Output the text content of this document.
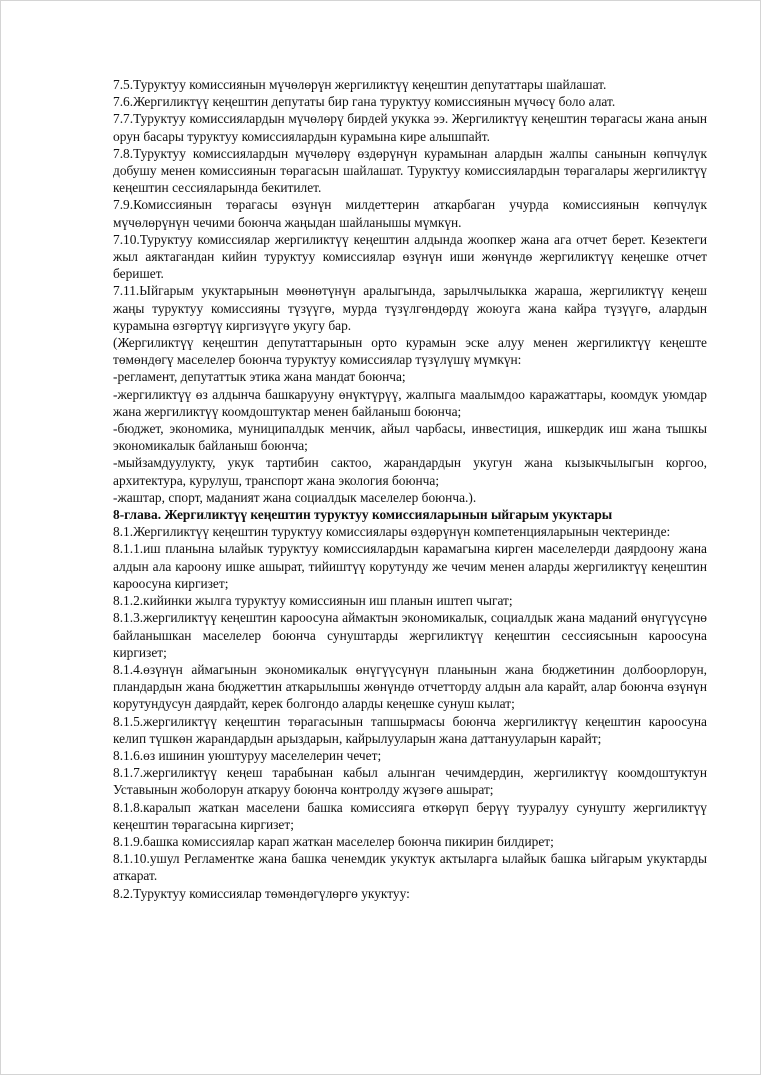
7.5.Туруктуу комиссиянын мүчөлөрүн жергиликтүү кеңештин депутаттары шайлашат.

7.6.Жергиликтүү кеңештин депутаты бир гана туруктуу комиссиянын мүчөсү боло алат.

7.7.Туруктуу комиссиялардын мүчөлөрү бирдей укукка ээ. Жергиликтүү кеңештин төрагасы жана анын орун басары туруктуу комиссиялардын курамына кире алышпайт.

7.8.Туруктуу комиссиялардын мүчөлөрү өздөрүнүн курамынан алардын жалпы санынын көпчүлүк добушу менен комиссиянын төрагасын шайлашат. Туруктуу комиссиялардын төрагалары жергиликтүү кеңештин сессияларында бекитилет.

7.9.Комиссиянын төрагасы өзүнүн милдеттерин аткарбаган учурда комиссиянын көпчүлүк мүчөлөрүнүн чечими боюнча жаңыдан шайланышы мүмкүн.

7.10.Туруктуу комиссиялар жергиликтүү кеңештин алдында жоопкер жана ага отчет берет. Кезектеги жыл аяктагандан кийин туруктуу комиссиялар өзүнүн иши жөнүндө жергиликтүү кеңешке отчет беришет.

7.11.Ыйгарым укуктарынын мөөнөтүнүн аралыгында, зарылчылыкка жараша, жергиликтүү кеңеш жаңы туруктуу комиссияны түзүүгө, мурда түзүлгөндөрдү жоюуга жана кайра түзүүгө, алардын курамына өзгөртүү киргизүүгө укугу бар.

(Жергиликтүү кеңештин депутаттарынын орто курамын эске алуу менен жергиликтүү кеңеште төмөндөгү маселелер боюнча туруктуу комиссиялар түзүлүшү мүмкүн:

-регламент, депутаттык этика жана мандат боюнча;

-жергиликтүү өз алдынча башкарууну өнүктүрүү, жалпыга маалымдоо каражаттары, коомдук уюмдар жана жергиликтүү коомдоштуктар менен байланыш боюнча;

-бюджет, экономика, муниципалдык менчик, айыл чарбасы, инвестиция, ишкердик иш жана тышкы экономикалык байланыш боюнча;

-мыйзамдуулукту, укук тартибин сактоо, жарандардын укугун жана кызыкчылыгын коргоо, архитектура, курулуш, транспорт жана экология боюнча;

-жаштар, спорт, маданият жана социалдык маселелер боюнча.).

8-глава. Жергиликтүү кеңештин туруктуу комиссияларынын ыйгарым укуктары

8.1.Жергиликтүү кеңештин туруктуу комиссиялары өздөрүнүн компетенцияларынын чектеринде:

8.1.1.иш планына ылайык туруктуу комиссиялардын карамагына кирген маселелерди даярдоону жана алдын ала кароону ишке ашырат, тийиштүү корутунду же чечим менен аларды жергиликтүү кеңештин кароосуна киргизет;

8.1.2.кийинки жылга туруктуу комиссиянын иш планын иштеп чыгат;

8.1.3.жергиликтүү кеңештин кароосуна аймактын экономикалык, социалдык жана маданий өнүгүүсүнө байланышкан маселелер боюнча сунуштарды жергиликтүү кеңештин сессиясынын кароосуна киргизет;

8.1.4.өзүнүн аймагынын экономикалык өнүгүүсүнүн планынын жана бюджетинин долбоорлорун, пландардын жана бюджеттин аткарылышы жөнүндө отчетторду алдын ала карайт, алар боюнча өзүнүн корутундусун даярдайт, керек болгондо аларды кеңешке сунуш кылат;

8.1.5.жергиликтүү кеңештин төрагасынын тапшырмасы боюнча жергиликтүү кеңештин кароосуна келип түшкөн жарандардын арыздарын, кайрылууларын жана даттанууларын карайт;

8.1.6.өз ишинин уюштуруу маселелерин чечет;

8.1.7.жергиликтүү кеңеш тарабынан кабыл алынган чечимдердин, жергиликтүү коомдоштуктун Уставынын жоболорун аткаруу боюнча контролду жүзөгө ашырат;

8.1.8.каралып жаткан маселени башка комиссияга өткөрүп берүү тууралуу сунушту жергиликтүү кеңештин төрагасына киргизет;

8.1.9.башка комиссиялар карап жаткан маселелер боюнча пикирин билдирет;

8.1.10.ушул Регламентке жана башка ченемдик укуктук актыларга ылайык башка ыйгарым укуктарды аткарат.

8.2.Туруктуу комиссиялар төмөндөгүлөргө укуктуу:
